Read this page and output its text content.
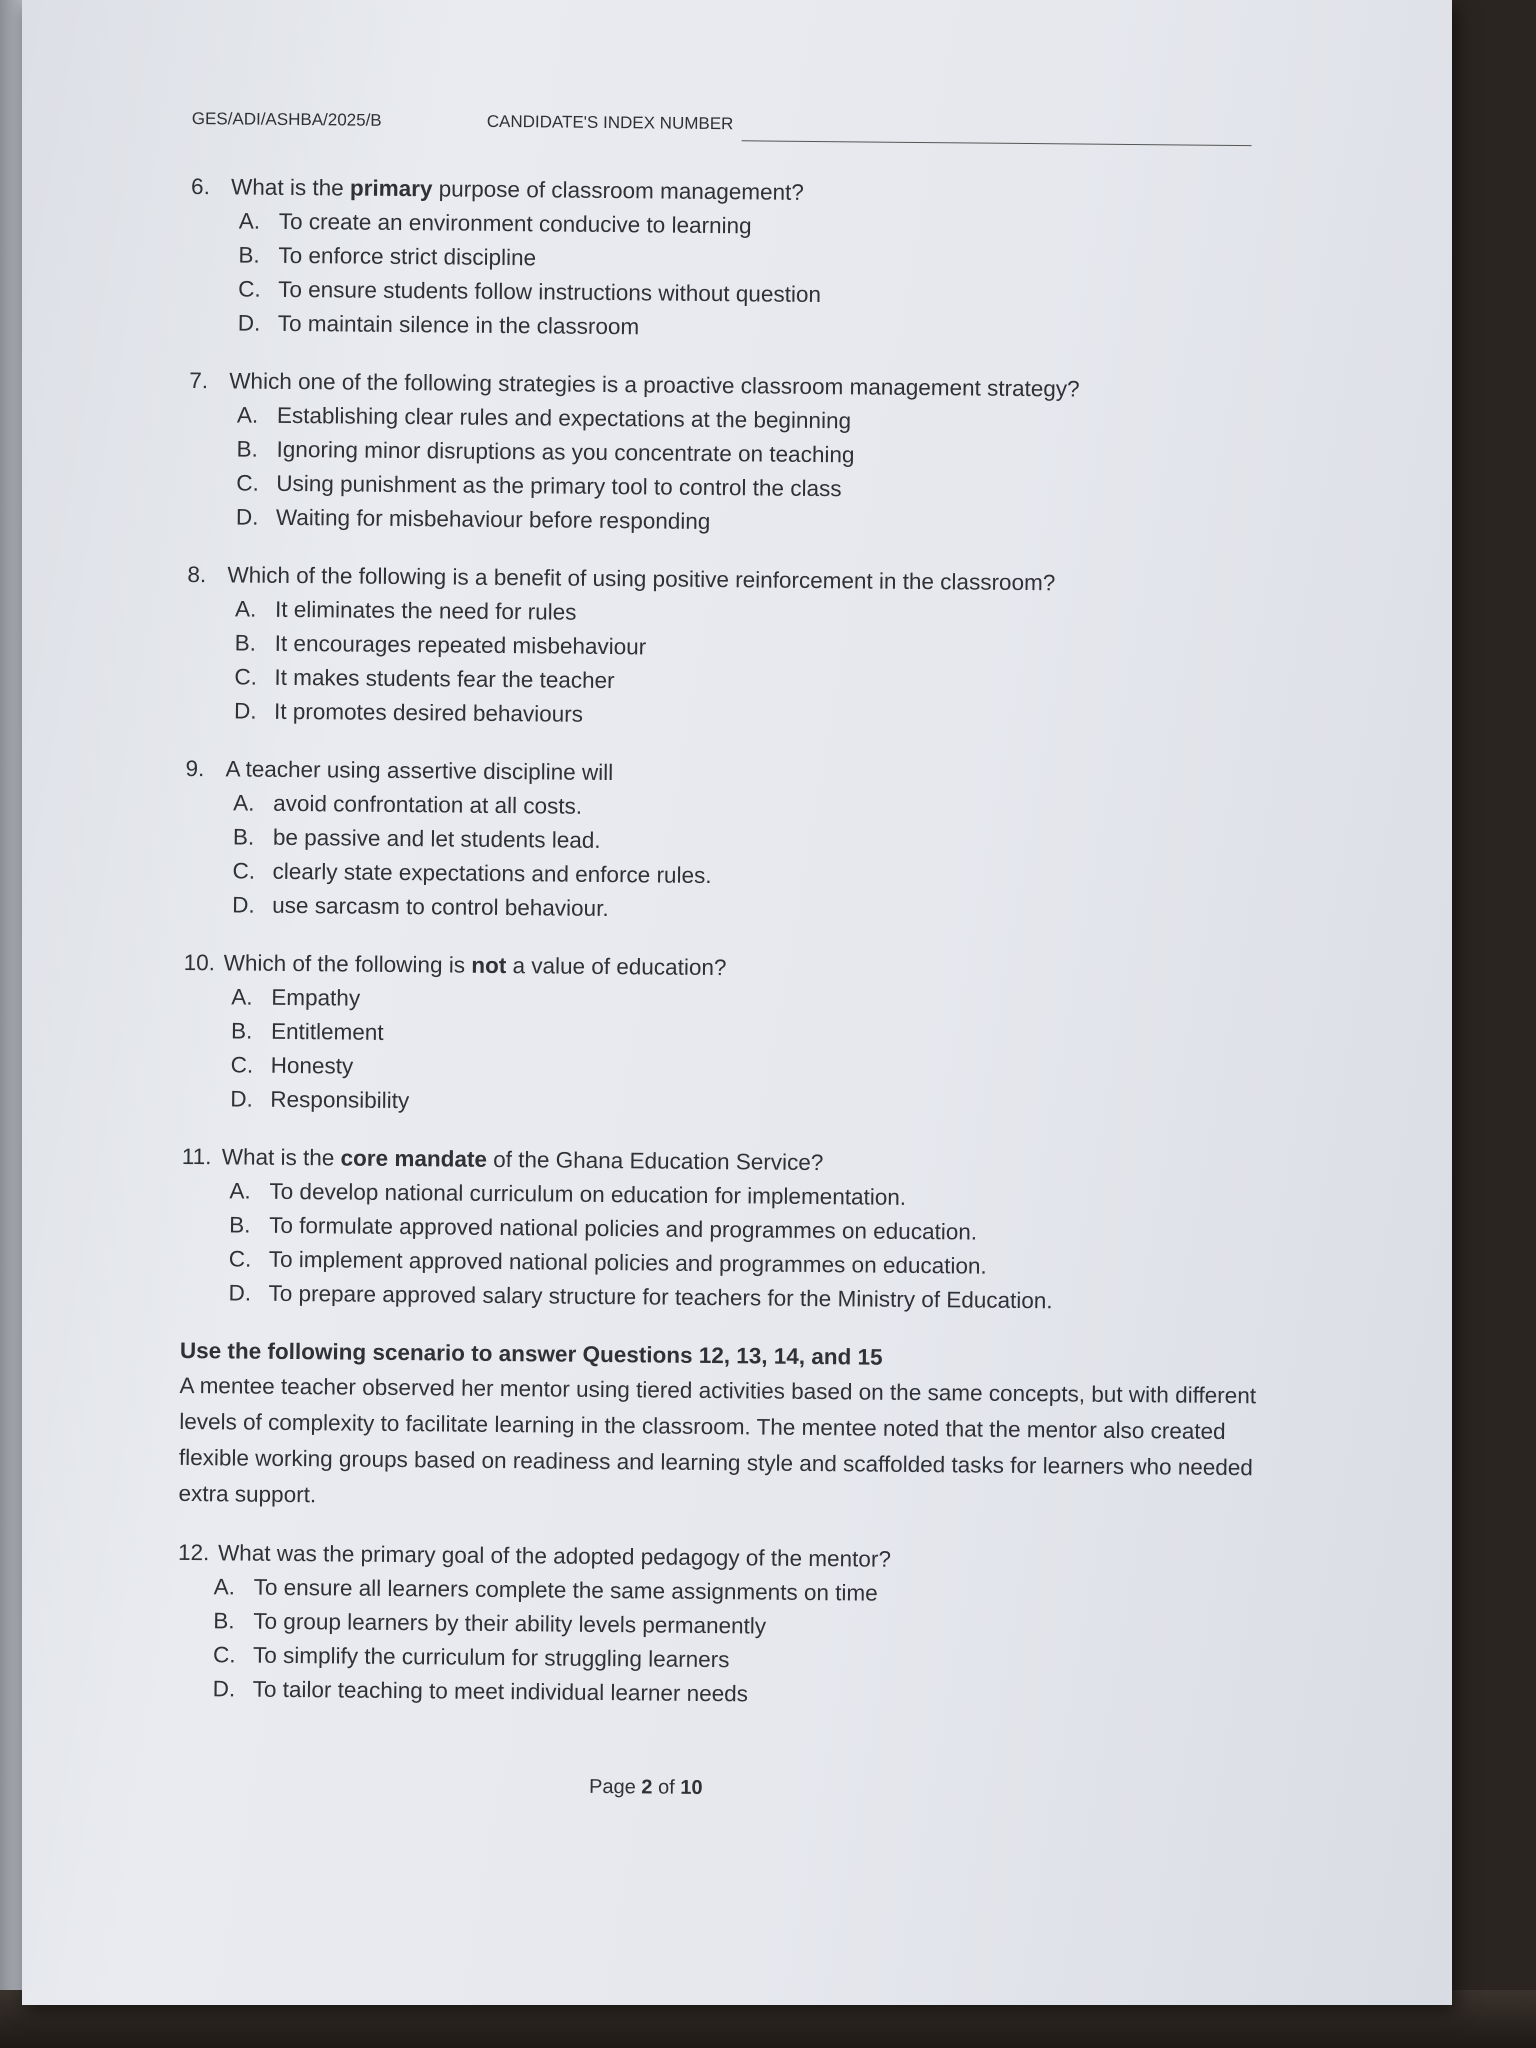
GES/ADI/ASHBA/2025/B	CANDIDATE'S INDEX NUMBER
6. What is the primary purpose of classroom management?
A. To create an environment conducive to learning
B. To enforce strict discipline
C. To ensure students follow instructions without question
D. To maintain silence in the classroom
7. Which one of the following strategies is a proactive classroom management strategy?
A. Establishing clear rules and expectations at the beginning
B. Ignoring minor disruptions as you concentrate on teaching
C. Using punishment as the primary tool to control the class
D. Waiting for misbehaviour before responding
8. Which of the following is a benefit of using positive reinforcement in the classroom?
A. It eliminates the need for rules
B. It encourages repeated misbehaviour
C. It makes students fear the teacher
D. It promotes desired behaviours
9. A teacher using assertive discipline will
A. avoid confrontation at all costs.
B. be passive and let students lead.
C. clearly state expectations and enforce rules.
D. use sarcasm to control behaviour.
10. Which of the following is not a value of education?
A. Empathy
B. Entitlement
C. Honesty
D. Responsibility
11. What is the core mandate of the Ghana Education Service?
A. To develop national curriculum on education for implementation.
B. To formulate approved national policies and programmes on education.
C. To implement approved national policies and programmes on education.
D. To prepare approved salary structure for teachers for the Ministry of Education.
Use the following scenario to answer Questions 12, 13, 14, and 15
A mentee teacher observed her mentor using tiered activities based on the same concepts, but with different levels of complexity to facilitate learning in the classroom. The mentee noted that the mentor also created flexible working groups based on readiness and learning style and scaffolded tasks for learners who needed extra support.
12. What was the primary goal of the adopted pedagogy of the mentor?
A. To ensure all learners complete the same assignments on time
B. To group learners by their ability levels permanently
C. To simplify the curriculum for struggling learners
D. To tailor teaching to meet individual learner needs
Page 2 of 10
